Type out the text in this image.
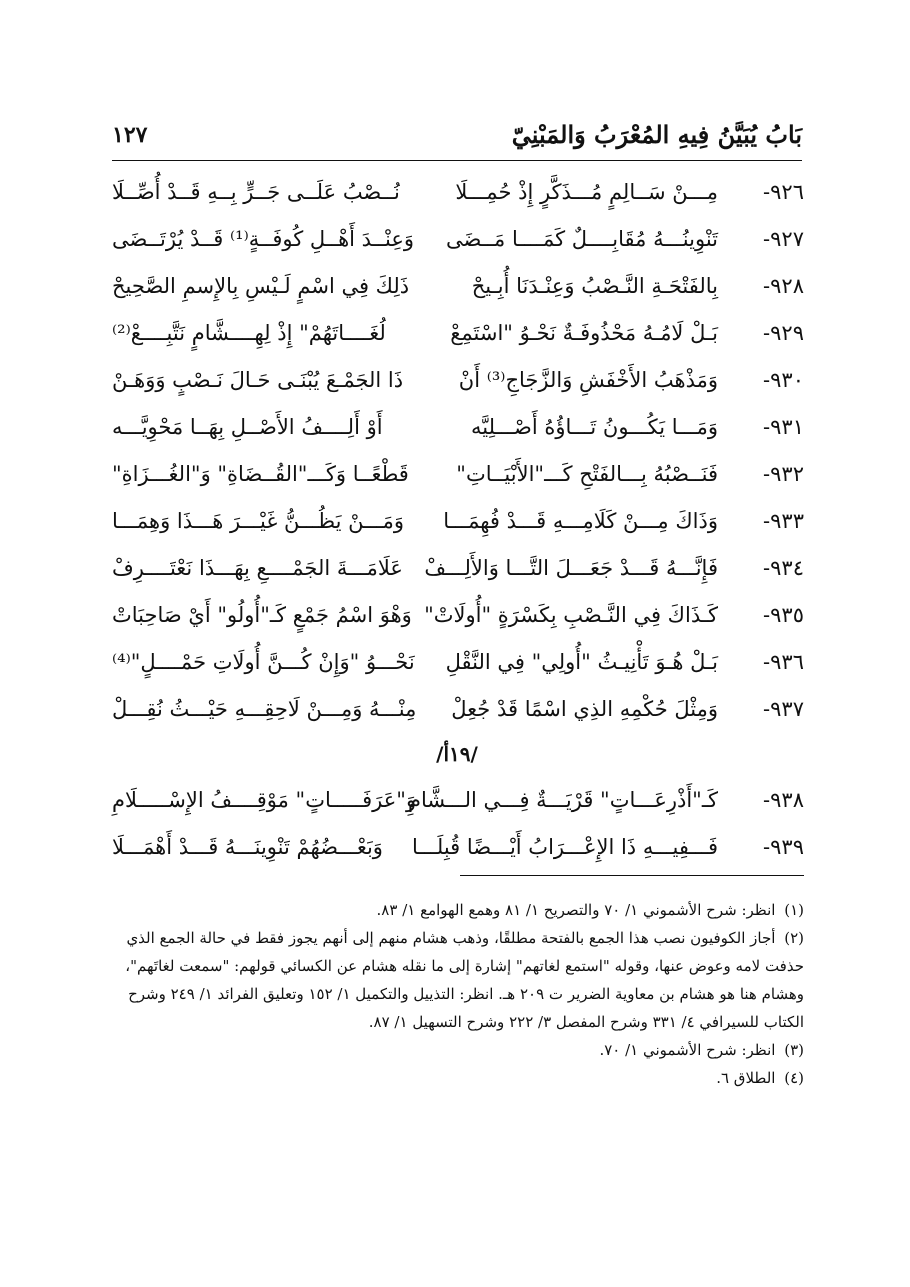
بَابُ يُبَيَّنُ فِيهِ المُعْرَبُ وَالمَبْنِيّ
١٢٧
٩٢٦-
مِـــنْ سَــالِمٍ مُـــذَكَّرٍ إِذْ حُمِـــلَا
نُــصْبُ عَلَــى جَــرٍّ بِــهِ قَــدْ أُصِّــلَا
٩٢٧-
تَنْوِينُـــهُ مُقَابِــــلٌ كَمَــــا مَــضَى
وَعِنْــدَ أَهْــلِ كُوفَــةٍ⁽¹⁾ قَــدْ يُرْتَــضَى
٩٢٨-
بِالفَتْحَـةِ النَّـصْبُ وَعِنْـدَنَا أُبِـيحْ
ذَلِكَ فِي اسْمٍ لَـيْسِ بِالإِسمِ الصَّحِيحْ
٩٢٩-
بَـلْ لَامُـهُ مَحْذُوفَـةٌ نَحْـوُ "اسْتَمِعْ
لُغَــــاتَهُمْ" إِذْ لِهِــــشَّامٍ نَتَّبِــــعْ⁽²⁾
٩٣٠-
وَمَذْهَبُ الأَخْفَشِ وَالزَّجَاجِ⁽³⁾ أَنْ
ذَا الجَمْـعَ يُبْنَـى حَـالَ نَـصْبٍ وَوَهَـنْ
٩٣١-
وَمَـــا يَكُـــونُ تَـــاؤُهُ أَصْـــلِيَّه
أَوْ أَلِــــفُ الأَصْــلِ بِهَــا مَحْوِيَّـــه
٩٣٢-
فَنَــصْبُهُ بِـــالفَتْحِ كَـــ"الأَبْيَــاتِ"
قَطْعًــا وَكَـــ"القُــضَاةِ" وَ"الغُـــزَاةِ"
٩٣٣-
وَذَاكَ مِـــنْ كَلَامِـــهِ قَـــدْ فُهِمَـــا
وَمَـــنْ يَظُـــنُّ غَيْـــرَ هَـــذَا وَهِمَـــا
٩٣٤-
فَإِنَّـــهُ قَـــدْ جَعَـــلَ التَّـــا وَالأَلِـــفْ
عَلَامَـــةَ الجَمْــــعِ بِهَـــذَا نَعْتَــــرِفْ
٩٣٥-
كَـذَاكَ فِي النَّـصْبِ بِكَسْرَةٍ "أُولَاتْ"
وَهْوَ اسْمُ جَمْعٍ كَـ"أُولُو" أَيْ صَاحِبَاتْ
٩٣٦-
بَـلْ هُـوَ تَأْنِيـثُ "أُولِي" فِي النَّقْلِ
نَحْـــوُ "وَإِنْ كُـــنَّ أُولَاتِ حَمْــــلٍ"⁽⁴⁾
٩٣٧-
وَمِثْلَ حُكْمِهِ الذِي اسْمًا قَدْ جُعِلْ
مِنْـــهُ وَمِـــنْ لَاحِقِـــهِ حَيْـــثُ نُقِـــلْ
/١٩أ/
٩٣٨-
كَـ"أَذْرِعَـــاتٍ" قَرْيَـــةٌ فِـــي الـــشَّامِ
وَ"عَرَفَـــــاتٍ" مَوْقِــــفُ الإِسْـــــلَامِ
٩٣٩-
فَـــفِيـــهِ ذَا الإِعْـــرَابُ أَيْـــضًا قُبِلَـــا
وَبَعْـــضُهُمْ تَنْوِينَـــهُ قَـــدْ أَهْمَـــلَا

(١) انظر: شرح الأشموني ١/ ٧٠ والتصريح ١/ ٨١ وهمع الهوامع ١/ ٨٣.

(٢) أجاز الكوفيون نصب هذا الجمع بالفتحة مطلقًا، وذهب هشام منهم إلى أنهم يجوز فقط في حالة الجمع الذي حذفت لامه وعوض عنها، وقوله "استمع لغاتهم" إشارة إلى ما نقله هشام عن الكسائي قولهم: "سمعت لغاتَهم"، وهشام هنا هو هشام بن معاوية الضرير ت ٢٠٩ هـ. انظر: التذييل والتكميل ١/ ١٥٢ وتعليق الفرائد ١/ ٢٤٩ وشرح الكتاب للسيرافي ٤/ ٣٣١ وشرح المفصل ٣/ ٢٢٢ وشرح التسهيل ١/ ٨٧.

(٣) انظر: شرح الأشموني ١/ ٧٠.

(٤) الطلاق ٦.
